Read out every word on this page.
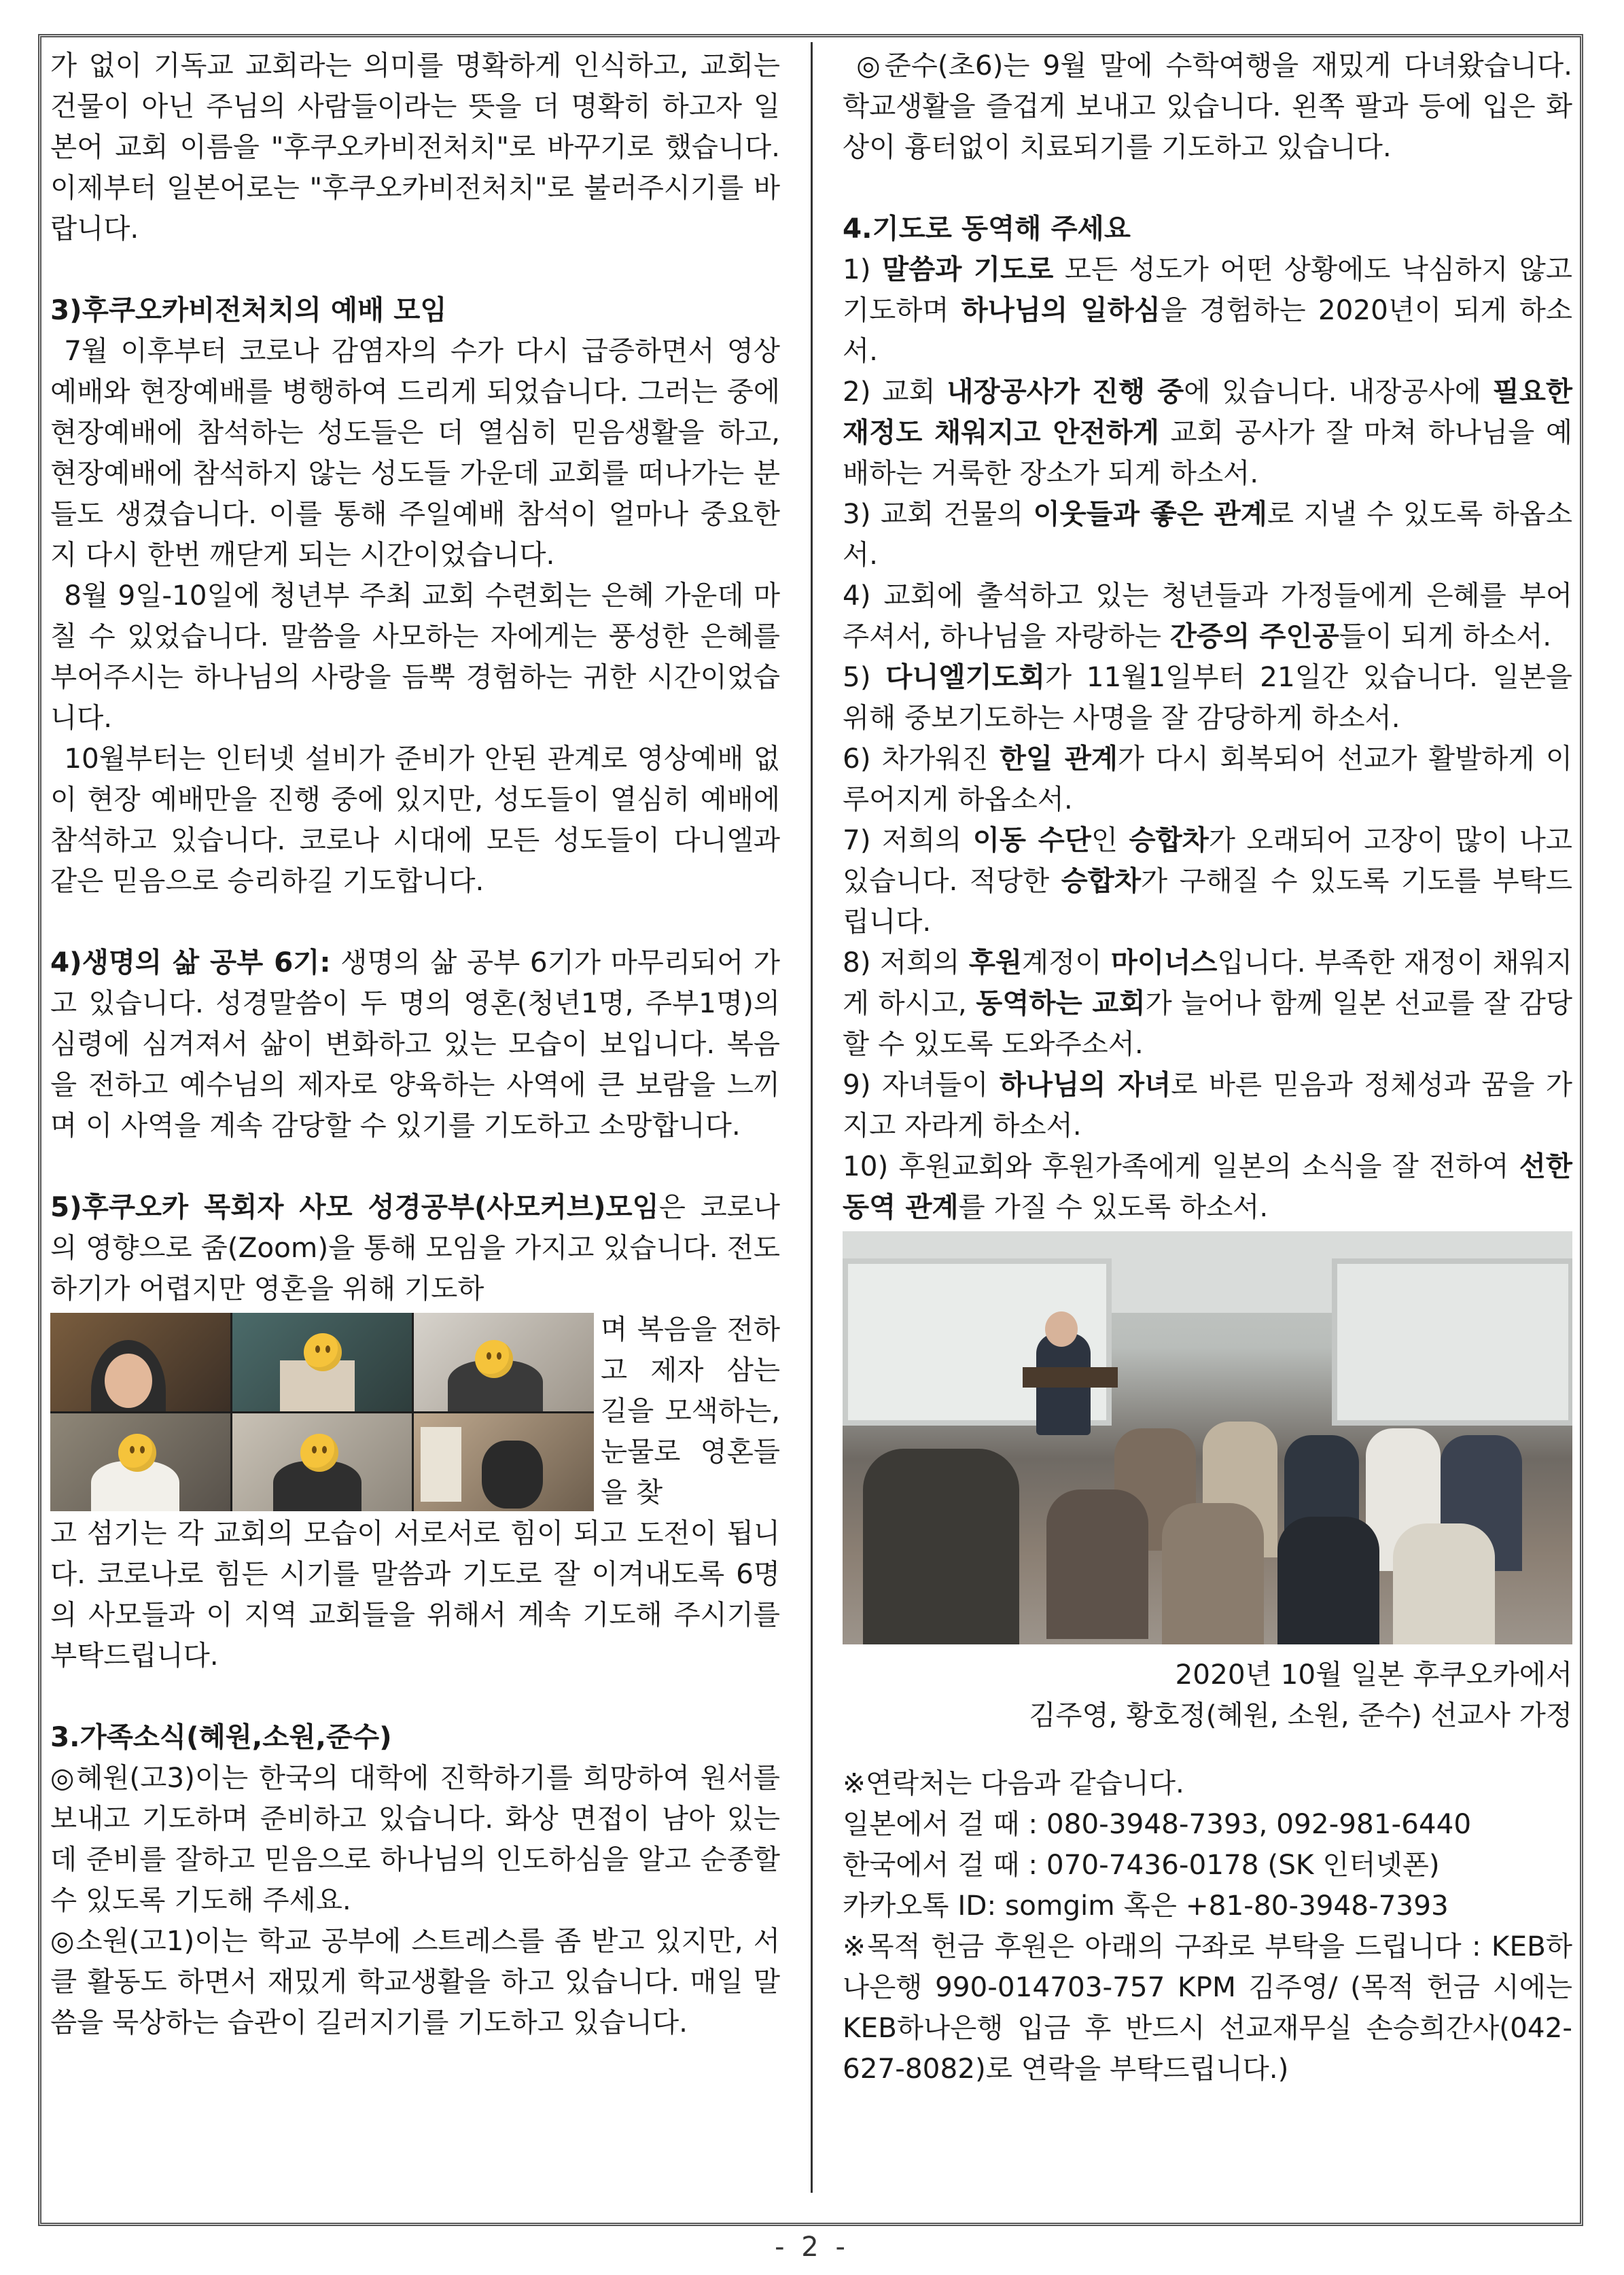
가 없이 기독교 교회라는 의미를 명확하게 인식하고, 교회는 건물이 아닌 주님의 사람들이라는 뜻을 더 명확히 하고자 일본어 교회 이름을 "후쿠오카비전처치"로 바꾸기로 했습니다. 이제부터 일본어로는 "후쿠오카비전처치"로 불러주시기를 바랍니다.

3)후쿠오카비전처치의 예배 모임

7월 이후부터 코로나 감염자의 수가 다시 급증하면서 영상예배와 현장예배를 병행하여 드리게 되었습니다. 그러는 중에 현장예배에 참석하는 성도들은 더 열심히 믿음생활을 하고, 현장예배에 참석하지 않는 성도들 가운데 교회를 떠나가는 분들도 생겼습니다. 이를 통해 주일예배 참석이 얼마나 중요한 지 다시 한번 깨닫게 되는 시간이었습니다.

8월 9일-10일에 청년부 주최 교회 수련회는 은혜 가운데 마칠 수 있었습니다. 말씀을 사모하는 자에게는 풍성한 은혜를 부어주시는 하나님의 사랑을 듬뿍 경험하는 귀한 시간이었습니다.

10월부터는 인터넷 설비가 준비가 안된 관계로 영상예배 없이 현장 예배만을 진행 중에 있지만, 성도들이 열심히 예배에 참석하고 있습니다. 코로나 시대에 모든 성도들이 다니엘과 같은 믿음으로 승리하길 기도합니다.

4)생명의 삶 공부 6기: 생명의 삶 공부 6기가 마무리되어 가고 있습니다. 성경말씀이 두 명의 영혼(청년1명, 주부1명)의 심령에 심겨져서 삶이 변화하고 있는 모습이 보입니다. 복음을 전하고 예수님의 제자로 양육하는 사역에 큰 보람을 느끼며 이 사역을 계속 감당할 수 있기를 기도하고 소망합니다.

5)후쿠오카 목회자 사모 성경공부(사모커브)모임은 코로나의 영향으로 줌(Zoom)을 통해 모임을 가지고 있습니다. 전도하기가 어렵지만 영혼을 위해 기도하

며 복음을 전하고 제자 삼는 길을 모색하는, 눈물로 영혼들을 찾

고 섬기는 각 교회의 모습이 서로서로 힘이 되고 도전이 됩니다. 코로나로 힘든 시기를 말씀과 기도로 잘 이겨내도록 6명의 사모들과 이 지역 교회들을 위해서 계속 기도해 주시기를 부탁드립니다.

3.가족소식(혜원,소원,준수)

◎혜원(고3)이는 한국의 대학에 진학하기를 희망하여 원서를 보내고 기도하며 준비하고 있습니다. 화상 면접이 남아 있는데 준비를 잘하고 믿음으로 하나님의 인도하심을 알고 순종할 수 있도록 기도해 주세요.

◎소원(고1)이는 학교 공부에 스트레스를 좀 받고 있지만, 서클 활동도 하면서 재밌게 학교생활을 하고 있습니다. 매일 말씀을 묵상하는 습관이 길러지기를 기도하고 있습니다.

◎준수(초6)는 9월 말에 수학여행을 재밌게 다녀왔습니다. 학교생활을 즐겁게 보내고 있습니다. 왼쪽 팔과 등에 입은 화상이 흉터없이 치료되기를 기도하고 있습니다.

4.기도로 동역해 주세요

1) 말씀과 기도로 모든 성도가 어떤 상황에도 낙심하지 않고 기도하며 하나님의 일하심을 경험하는 2020년이 되게 하소서.

2) 교회 내장공사가 진행 중에 있습니다. 내장공사에 필요한 재정도 채워지고 안전하게 교회 공사가 잘 마쳐 하나님을 예배하는 거룩한 장소가 되게 하소서.

3) 교회 건물의 이웃들과 좋은 관계로 지낼 수 있도록 하옵소서.

4) 교회에 출석하고 있는 청년들과 가정들에게 은혜를 부어 주셔서, 하나님을 자랑하는 간증의 주인공들이 되게 하소서.

5) 다니엘기도회가 11월1일부터 21일간 있습니다. 일본을 위해 중보기도하는 사명을 잘 감당하게 하소서.

6) 차가워진 한일 관계가 다시 회복되어 선교가 활발하게 이루어지게 하옵소서.

7) 저희의 이동 수단인 승합차가 오래되어 고장이 많이 나고 있습니다. 적당한 승합차가 구해질 수 있도록 기도를 부탁드립니다.

8) 저희의 후원계정이 마이너스입니다. 부족한 재정이 채워지게 하시고, 동역하는 교회가 늘어나 함께 일본 선교를 잘 감당할 수 있도록 도와주소서.

9) 자녀들이 하나님의 자녀로 바른 믿음과 정체성과 꿈을 가지고 자라게 하소서.

10) 후원교회와 후원가족에게 일본의 소식을 잘 전하여 선한 동역 관계를 가질 수 있도록 하소서.

2020년 10월 일본 후쿠오카에서

김주영, 황호정(혜원, 소원, 준수) 선교사 가정

※연락처는 다음과 같습니다.

일본에서 걸 때 : 080-3948-7393, 092-981-6440

한국에서 걸 때 : 070-7436-0178 (SK 인터넷폰)

카카오톡 ID: somgim 혹은 +81-80-3948-7393

※목적 헌금 후원은 아래의 구좌로 부탁을 드립니다 : KEB하나은행 990-014703-757 KPM 김주영/ (목적 헌금 시에는 KEB하나은행 입금 후 반드시 선교재무실 손승희간사(042-627-8082)로 연락을 부탁드립니다.)

- 2 -
